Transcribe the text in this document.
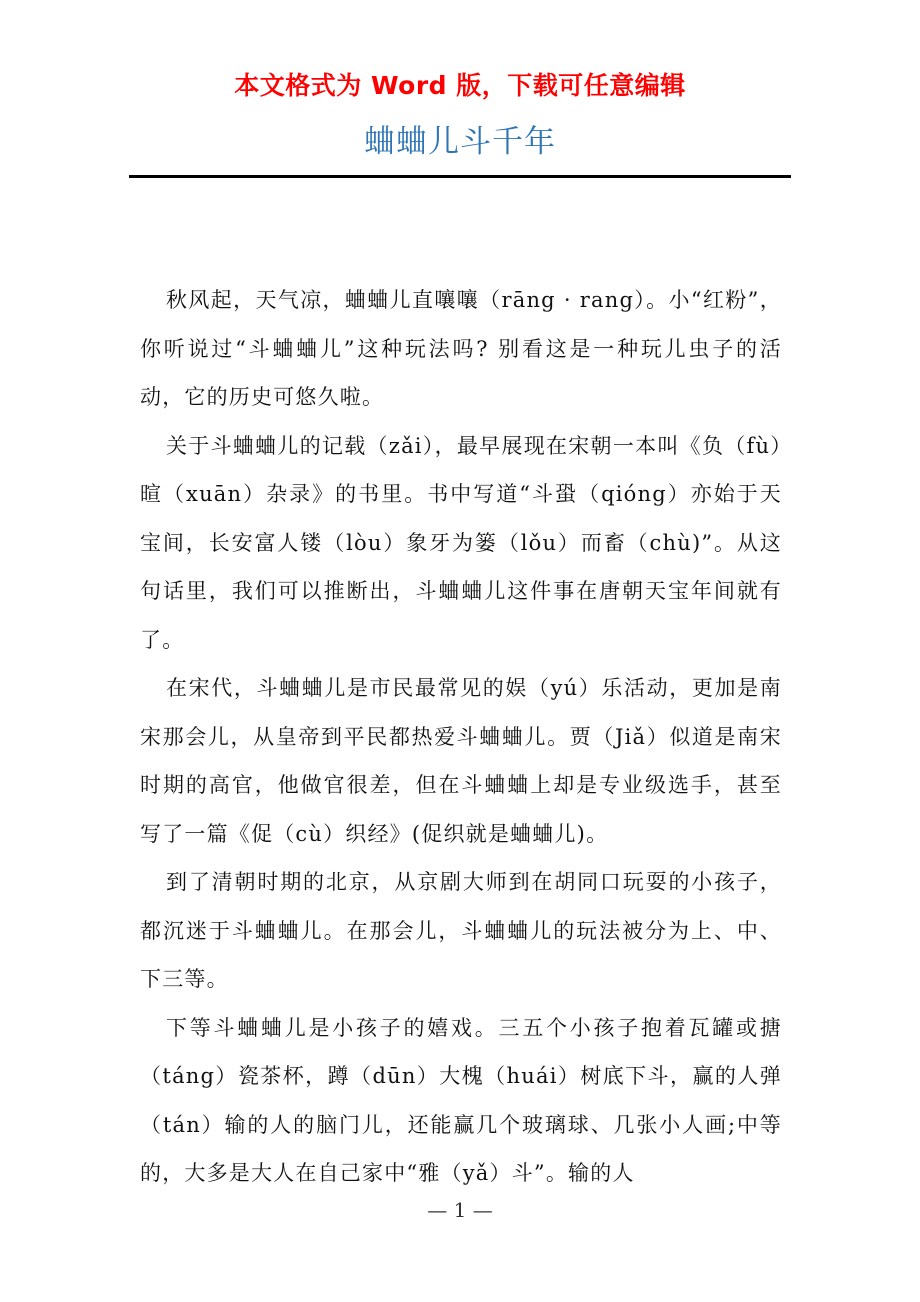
本文格式为 Word 版，下载可任意编辑
蛐蛐儿斗千年

秋风起，天气凉，蛐蛐儿直嚷嚷（rāng · rang）。小“红粉”，你听说过“斗蛐蛐儿”这种玩法吗? 别看这是一种玩儿虫子的活动，它的历史可悠久啦。

关于斗蛐蛐儿的记载（zǎi），最早展现在宋朝一本叫《负（fù）暄（xuān）杂录》的书里。书中写道“斗蛩（qióng）亦始于天宝间，长安富人镂（lòu）象牙为篓（lǒu）而畜（chù)”。从这句话里，我们可以推断出，斗蛐蛐儿这件事在唐朝天宝年间就有了。

在宋代，斗蛐蛐儿是市民最常见的娱（yú）乐活动，更加是南宋那会儿，从皇帝到平民都热爱斗蛐蛐儿。贾（Jiǎ）似道是南宋时期的高官，他做官很差，但在斗蛐蛐上却是专业级选手，甚至写了一篇《促（cù）织经》(促织就是蛐蛐儿)。

到了清朝时期的北京，从京剧大师到在胡同口玩耍的小孩子，都沉迷于斗蛐蛐儿。在那会儿，斗蛐蛐儿的玩法被分为上、中、下三等。

下等斗蛐蛐儿是小孩子的嬉戏。三五个小孩子抱着瓦罐或搪（táng）瓷茶杯，蹲（dūn）大槐（huái）树底下斗，赢的人弹（tán）输的人的脑门儿，还能赢几个玻璃球、几张小人画;中等的，大多是大人在自己家中“雅（yǎ）斗”。输的人

— 1 —
